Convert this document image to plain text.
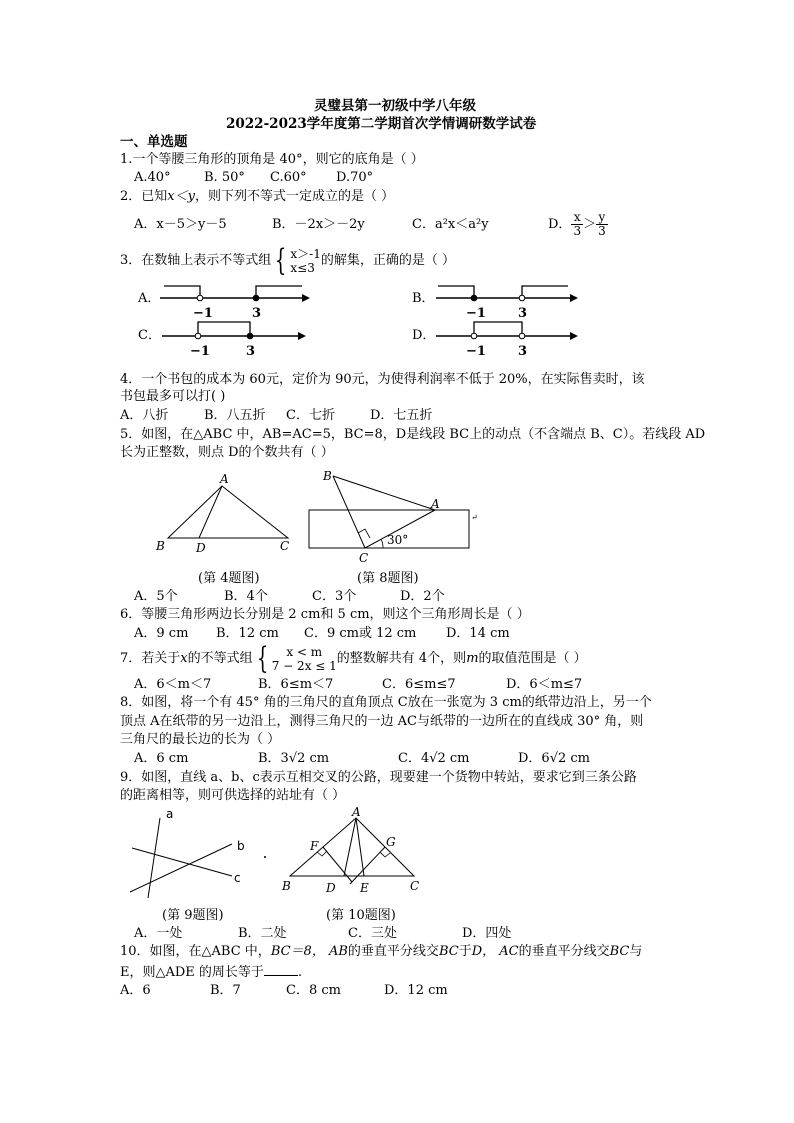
灵璧县第一初级中学八年级
2022-2023学年度第二学期首次学情调研数学试卷
一、单选题
1.一个等腰三角形的顶角是 40°，则它的底角是（ ）
A.40°	B. 50° C.60° D.70°
2．已知x＜y，则下列不等式一定成立的是（ ）
A．x－5＞y－5	B．－2x＞－2y	C．a²x＜a²y	D． $\frac{x}{3} > \frac{y}{3}$
3．在数轴上表示不等式组 { x＞-1
x≤3 的解集，正确的是（ ）
A．	B．
C．	D．
−1	3	−1 3
−1	3	−1 3
4．一个书包的成本为 60元，定价为 90元，为使得利润率不低于 20%，在实际售卖时，该
书包最多可以打( )
A．八折	B．八五折 C．七折	D．七五折
5．如图，在△ABC 中，AB=AC=5，BC=8，D是线段 BC上的动点（不含端点 B、C）。若线段 AD
长为正整数，则点 D的个数共有（ ）
A
B	D	C
B
A
C
30°
↵
(第 4题图)	(第 8题图)
A．5个	B．4个	C．3个	D．2个
6．等腰三角形两边长分别是 2 cm和 5 cm，则这个三角形周长是（ ）
A．9 cm B．12 cm C．9 cm或 12 cm D．14 cm
7．若关于x的不等式组 {	x < m
7 − 2x ≤ 1 的整数解共有 4个，则m的取值范围是（ ）
A．6＜m＜7	B．6≤m＜7	C．6≤m≤7	D．6＜m≤7
8．如图，将一个有 45° 角的三角尺的直角顶点 C放在一张宽为 3 cm的纸带边沿上，另一个
顶点 A在纸带的另一边沿上，测得三角尺的一边 AC与纸带的一边所在的直线成 30° 角，则
三角尺的最长边的长为（ ）
A．6 cm	B．3√2 cm	C．4√2 cm	D．6√2 cm
9．如图，直线 a、b、c表示互相交叉的公路，现要建一个货物中转站，要求它到三条公路
的距离相等，则可供选择的站址有（ ）
a
b
c
A
F	G
B	D E	C
(第 9题图)	(第 10题图)
A．一处	B．二处	C．三处	D．四处
10．如图，在△ABC 中，BC＝8， AB的垂直平分线交BC于D， AC的垂直平分线交BC与
E，则△ADE 的周长等于	.
A．6	B．7	C．8 cm	D．12 cm
